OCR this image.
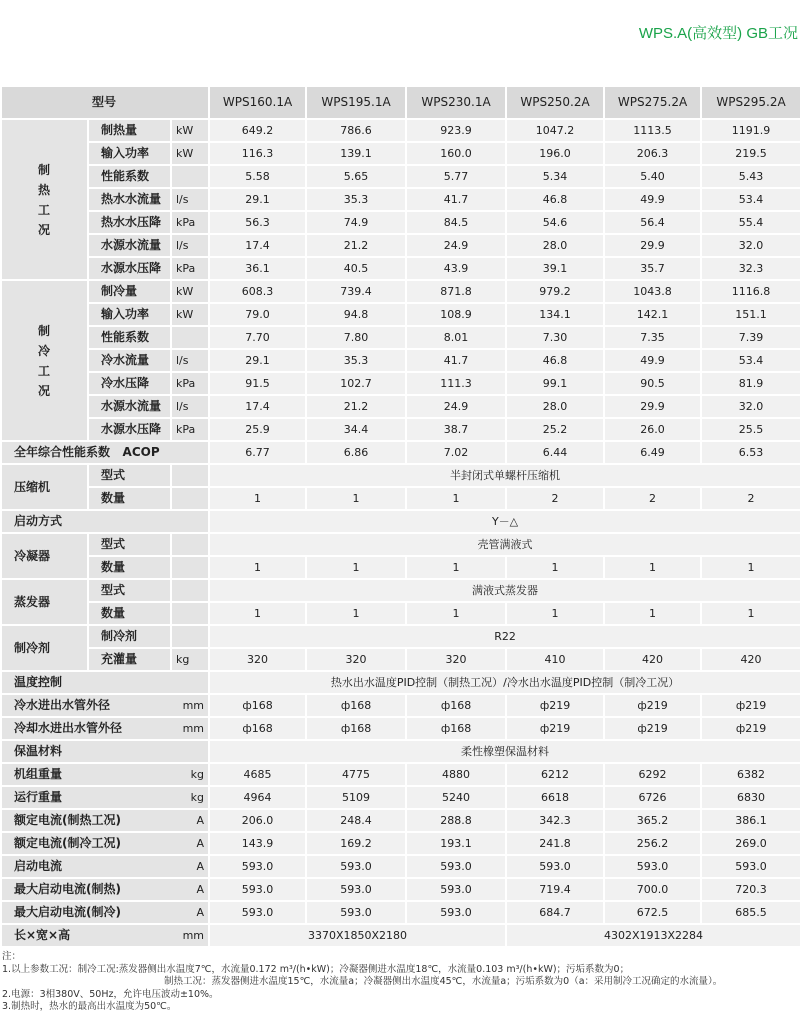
WPS.A(高效型) GB工况
型号			WPS160.1A	WPS195.1A	WPS230.1A	WPS250.2A	WPS275.2A	WPS295.2A
制热工况	制热量	kW	649.2	786.6	923.9	1047.2	1113.5	1191.9
	输入功率	kW	116.3	139.1	160.0	196.0	206.3	219.5
	性能系数		5.58	5.65	5.77	5.34	5.40	5.43
	热水水流量	l/s	29.1	35.3	41.7	46.8	49.9	53.4
	热水水压降	kPa	56.3	74.9	84.5	54.6	56.4	55.4
	水源水流量	l/s	17.4	21.2	24.9	28.0	29.9	32.0
	水源水压降	kPa	36.1	40.5	43.9	39.1	35.7	32.3
制冷工况	制冷量	kW	608.3	739.4	871.8	979.2	1043.8	1116.8
	输入功率	kW	79.0	94.8	108.9	134.1	142.1	151.1
	性能系数		7.70	7.80	8.01	7.30	7.35	7.39
	冷水流量	l/s	29.1	35.3	41.7	46.8	49.9	53.4
	冷水压降	kPa	91.5	102.7	111.3	99.1	90.5	81.9
	水源水流量	l/s	17.4	21.2	24.9	28.0	29.9	32.0
	水源水压降	kPa	25.9	34.4	38.7	25.2	26.0	25.5

全年综合性能系数   ACOP			6.77	6.86	7.02	6.44	6.49	6.53
压缩机	型式		半封闭式单螺杆压缩机					
	数量		1	1	1	2	2	2

启动方式			Y－△					
冷凝器	型式		壳管满液式					
	数量		1	1	1	1	1	1
蒸发器	型式		满液式蒸发器					
	数量		1	1	1	1	1	1
制冷剂	制冷剂		R22					
	充灌量	kg	320	320	320	410	420	420

温度控制			热水出水温度PID控制（制热工况）/冷水出水温度PID控制（制冷工况）					

冷水进出水管外径 mm			ф168	ф168	ф168	ф219	ф219	ф219

冷却水进出水管外径 mm			ф168	ф168	ф168	ф219	ф219	ф219

保温材料			柔性橡塑保温材料					

机组重量 kg			4685	4775	4880	6212	6292	6382

运行重量 kg			4964	5109	5240	6618	6726	6830

额定电流(制热工况) A			206.0	248.4	288.8	342.3	365.2	386.1

额定电流(制冷工况) A			143.9	169.2	193.1	241.8	256.2	269.0

启动电流 A			593.0	593.0	593.0	593.0	593.0	593.0

最大启动电流(制热) A			593.0	593.0	593.0	719.4	700.0	720.3

最大启动电流(制冷) A			593.0	593.0	593.0	684.7	672.5	685.5

长×宽×高 mm			3370X1850X2180			4302X1913X2284		
注：
1.以上参数工况：制冷工况:蒸发器侧出水温度7℃，水流量0.172 m³/(h•kW)；冷凝器侧进水温度18℃，水流量0.103 m³/(h•kW)；污垢系数为0；
制热工况：蒸发器侧进水温度15℃，水流量a；冷凝器侧出水温度45℃，水流量a；污垢系数为0（a：采用制冷工况确定的水流量）。
2.电源：3相380V、50Hz，允许电压波动±10%。
3.制热时，热水的最高出水温度为50℃。
